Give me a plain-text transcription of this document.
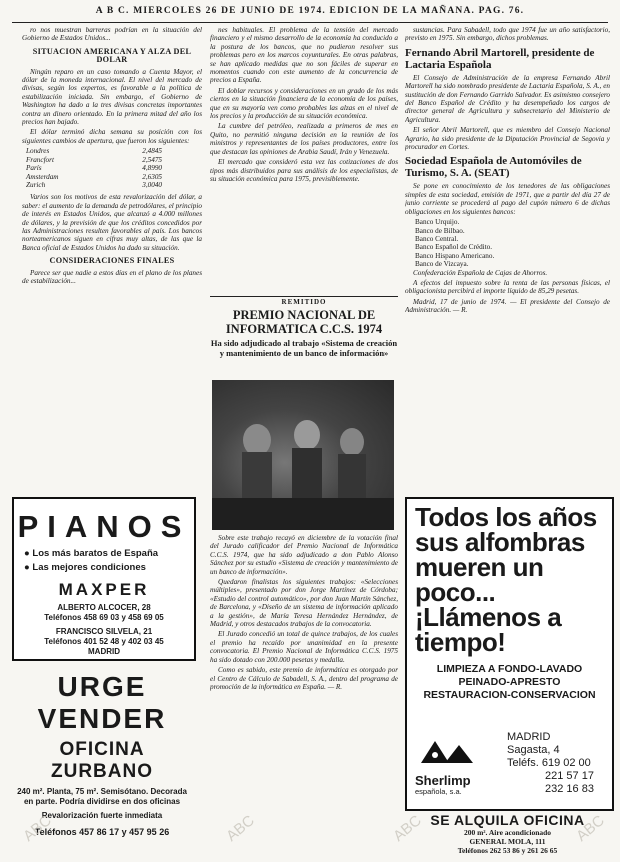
A B C. MIERCOLES 26 DE JUNIO DE 1974. EDICION DE LA MAÑANA. PAG. 76.

ro nos muestran barreras podrían en la situación del Gobierno de Estados Unidos...

SITUACION AMERICANA Y ALZA DEL DOLAR

Ningún reparo en un caso tomando a Cuenta Mayor, el dólar de la moneda internacional. El nivel del mercado de divisas, según los expertos, es favorable a la política de estabilización iniciada. Sin embargo, el Gobierno de Washington ha dado a la tres divisas concretas importantes contra un dinero orientado. En la primera mitad del año los precios han bajado.

El dólar terminó dicha semana su posición con los siguientes cambios de apertura, que fueron los siguientes:

Londres	2,4845
Francfort	2,5475
París	4,8990
Amsterdam	2,6305
Zurich	3,0040

Varios son los motivos de esta revalorización del dólar, a saber: el aumento de la demanda de petrodólares, el principio de interés en Estados Unidos, que alcanzó a 4.000 millones de dólares, y la previsión de que los créditos concedidos por las Administraciones resulten favorables al país. Los bancos norteamericanos siguen en cifras muy altas, de las que la Banca oficial de Estados Unidos ha dado su situación.

CONSIDERACIONES FINALES

Parece ser que nadie a estos días en el plano de los planes de estabilización...

PIANOS
● Los más baratos de España
● Las mejores condiciones
MAXPER
ALBERTO ALCOCER, 28
Teléfonos 458 69 03 y 458 69 05
FRANCISCO SILVELA, 21
Teléfonos 401 52 48 y 402 03 45
MADRID
URGE VENDER
OFICINA ZURBANO
240 m². Planta, 75 m². Semisótano. Decorada en parte. Podría dividirse en dos oficinas
Revalorización fuerte inmediata
Teléfonos 457 86 17 y 457 95 26

nes habituales. El problema de la tensión del mercado financiero y el mismo desarrollo de la economía ha conducido a la postura de los bancos, que no pudieron resolver sus problemas pero en los marcos coyunturales. En otras palabras, se han aplicado medidas que no son fáciles de superar en momentos cuando con este aumento de la concurrencia de precios a España.

El doblar recursos y consideraciones en un grado de los más ciertos en la situación financiera de la economía de los países, que en su mayoría ven como probables las alzas en el nivel de los precios y la producción de su situación económica.

La cumbre del petróleo, realizada a primeros de mes en Quito, no permitió ninguna decisión en la reunión de los ministros y representantes de los países productores, entre los que destacan las opiniones de Arabia Saudí, Irán y Venezuela.

El mercado que consideró esta vez las cotizaciones de dos tipos más distribuidos para sus análisis de los especialistas, de su situación económica para 1975, previsiblemente.

REMITIDO
PREMIO NACIONAL DE INFORMATICA C.C.S. 1974
Ha sido adjudicado al trabajo «Sistema de creación y mantenimiento de un banco de información»

Sobre este trabajo recayó en diciembre de la votación final del Jurado calificador del Premio Nacional de Informática C.C.S. 1974, que ha sido adjudicado a don Pablo Alonso Sánchez por su estudio «Sistema de creación y mantenimiento de un banco de información».

Quedaron finalistas los siguientes trabajos: «Selecciones múltiples», presentado por don Jorge Martínez de Córdoba; «Estudio del control automático», por don Juan Martín Sánchez, de Barcelona, y «Diseño de un sistema de información aplicado a la gestión», de María Teresa Hernández Hernández, de Madrid, y otros destacados trabajos de la convocatoria.

El Jurado concedió un total de quince trabajos, de los cuales el premio ha recaído por unanimidad en la presente convocatoria. El Premio Nacional de Informática C.C.S. 1975 ha sido dotado con 200.000 pesetas y medalla.

Como es sabido, este premio de informática es otorgado por el Centro de Cálculo de Sabadell, S. A., dentro del programa de promoción de la informática en España. — R.

sustancias. Para Sabadell, todo que 1974 fue un año satisfactorio, previsto en 1975. Sin embargo, dichos problemas.

Fernando Abril Martorell, presidente de Lactaria Española

El Consejo de Administración de la empresa Fernando Abril Martorell ha sido nombrado presidente de Lactaria Española, S. A., en sustitución de don Fernando Garrido Salvador. Es asimismo consejero del Banco Español de Crédito y ha desempeñado los cargos de director general de Agricultura y subsecretario del Ministerio de Agricultura.

El señor Abril Martorell, que es miembro del Consejo Nacional Agrario, ha sido presidente de la Diputación Provincial de Segovia y procurador en Cortes.

Sociedad Española de Automóviles de Turismo, S. A. (SEAT)

Se pone en conocimiento de los tenedores de las obligaciones simples de esta sociedad, emisión de 1971, que a partir del día 27 de junio corriente se procederá al pago del cupón número 6 de dichas obligaciones en los siguientes bancos:

Banco Urquijo.
Banco de Bilbao.
Banco Central.
Banco Español de Crédito.
Banco Hispano Americano.
Banco de Vizcaya.

Confederación Española de Cajas de Ahorros.

A efectos del impuesto sobre la renta de las personas físicas, el obligacionista percibirá el importe líquido de 85,29 pesetas.

Madrid, 17 de junio de 1974. — El presidente del Consejo de Administración. — R.

Todos los años
sus alfombras
mueren un poco...
¡Llámenos a tiempo!
LIMPIEZA A FONDO-LAVADO
PEINADO-APRESTO
RESTAURACION-CONSERVACION
Sherlimp
española, s.a.
MADRID
Sagasta, 4
Teléfs. 619 02 00
221 57 17
232 16 83
SE ALQUILA OFICINA
200 m². Aire acondicionado
GENERAL MOLA, 111
Teléfonos 262 53 86 y 261 26 65
ABC	ABC	ABC	ABC
